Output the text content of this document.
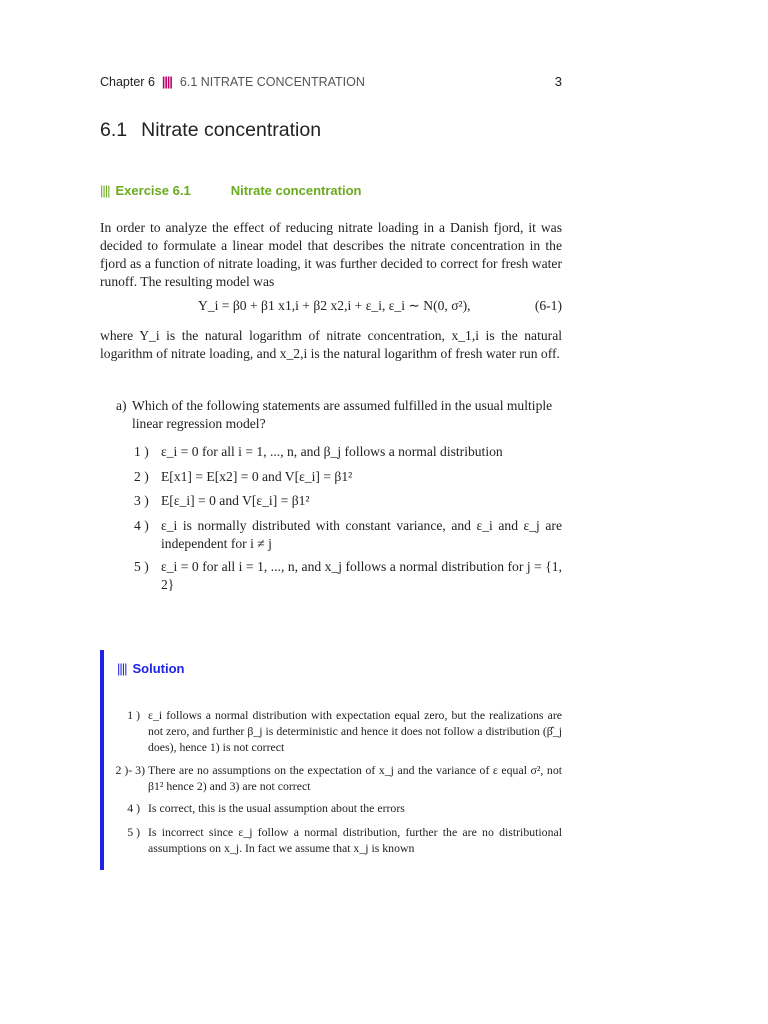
Chapter 6 |||| 6.1 NITRATE CONCENTRATION	3
6.1 Nitrate concentration
|||| Exercise 6.1	Nitrate concentration
In order to analyze the effect of reducing nitrate loading in a Danish fjord, it was decided to formulate a linear model that describes the nitrate concentration in the fjord as a function of nitrate loading, it was further decided to correct for fresh water runoff. The resulting model was
Y_i = β0 + β1 x1,i + β2 x2,i + ε_i, ε_i ∼ N(0, σ²),	(6-1)
where Y_i is the natural logarithm of nitrate concentration, x_1,i is the natural logarithm of nitrate loading, and x_2,i is the natural logarithm of fresh water run off.
a) Which of the following statements are assumed fulfilled in the usual multiple linear regression model?
1 ) ε_i = 0 for all i = 1, ..., n, and β_j follows a normal distribution
2 ) E[x1] = E[x2] = 0 and V[ε_i] = β1²
3 ) E[ε_i] = 0 and V[ε_i] = β1²
4 ) ε_i is normally distributed with constant variance, and ε_i and ε_j are independent for i ≠ j
5 ) ε_i = 0 for all i = 1, ..., n, and x_j follows a normal distribution for j = {1, 2}
|||| Solution
1 ) ε_i follows a normal distribution with expectation equal zero, but the realizations are not zero, and further β_j is deterministic and hence it does not follow a distribution (β̂_j does), hence 1) is not correct
2 )- 3) There are no assumptions on the expectation of x_j and the variance of ε equal σ², not β1² hence 2) and 3) are not correct
4 ) Is correct, this is the usual assumption about the errors
5 ) Is incorrect since ε_j follow a normal distribution, further the are no distributional assumptions on x_j. In fact we assume that x_j is known
